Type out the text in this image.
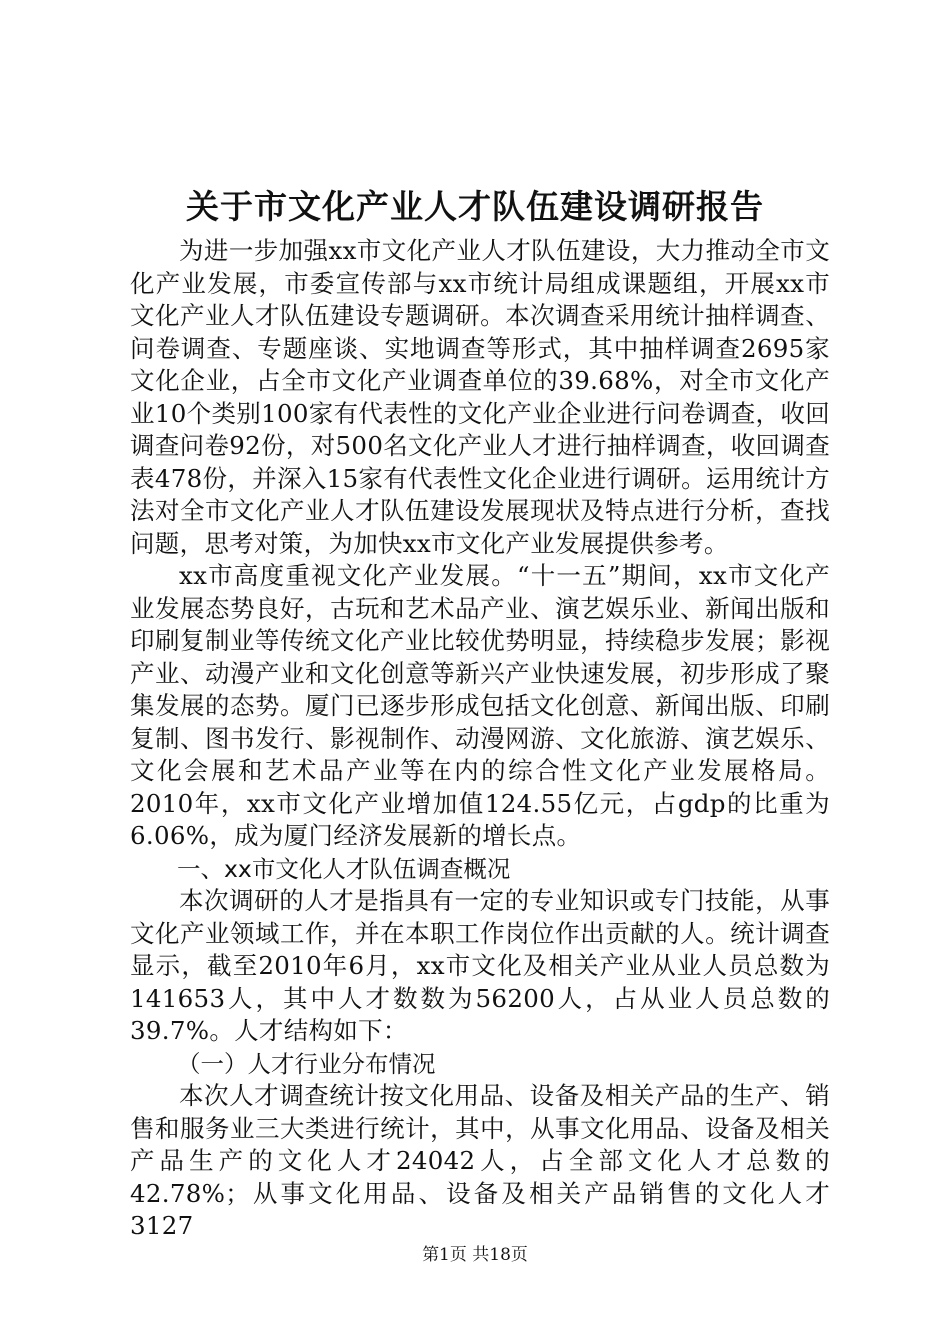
关于市文化产业人才队伍建设调研报告

为进一步加强xx市文化产业人才队伍建设，大力推动全市文化产业发展，市委宣传部与xx市统计局组成课题组，开展xx市文化产业人才队伍建设专题调研。本次调查采用统计抽样调查、问卷调查、专题座谈、实地调查等形式，其中抽样调查2695家文化企业，占全市文化产业调查单位的39.68%，对全市文化产业10个类别100家有代表性的文化产业企业进行问卷调查，收回调查问卷92份，对500名文化产业人才进行抽样调查，收回调查表478份，并深入15家有代表性文化企业进行调研。运用统计方法对全市文化产业人才队伍建设发展现状及特点进行分析，查找问题，思考对策，为加快xx市文化产业发展提供参考。

xx市高度重视文化产业发展。“十一五”期间，xx市文化产业发展态势良好，古玩和艺术品产业、演艺娱乐业、新闻出版和印刷复制业等传统文化产业比较优势明显，持续稳步发展；影视产业、动漫产业和文化创意等新兴产业快速发展，初步形成了聚集发展的态势。厦门已逐步形成包括文化创意、新闻出版、印刷复制、图书发行、影视制作、动漫网游、文化旅游、演艺娱乐、文化会展和艺术品产业等在内的综合性文化产业发展格局。2010年，xx市文化产业增加值124.55亿元，占gdp的比重为6.06%，成为厦门经济发展新的增长点。

一、xx市文化人才队伍调查概况

本次调研的人才是指具有一定的专业知识或专门技能，从事文化产业领域工作，并在本职工作岗位作出贡献的人。统计调查显示，截至2010年6月，xx市文化及相关产业从业人员总数为141653人，其中人才数数为56200人，占从业人员总数的39.7%。人才结构如下：

（一）人才行业分布情况

本次人才调查统计按文化用品、设备及相关产品的生产、销售和服务业三大类进行统计，其中，从事文化用品、设备及相关产品生产的文化人才24042人，占全部文化人才总数的42.78%；从事文化用品、设备及相关产品销售的文化人才3127

第1页 共18页
